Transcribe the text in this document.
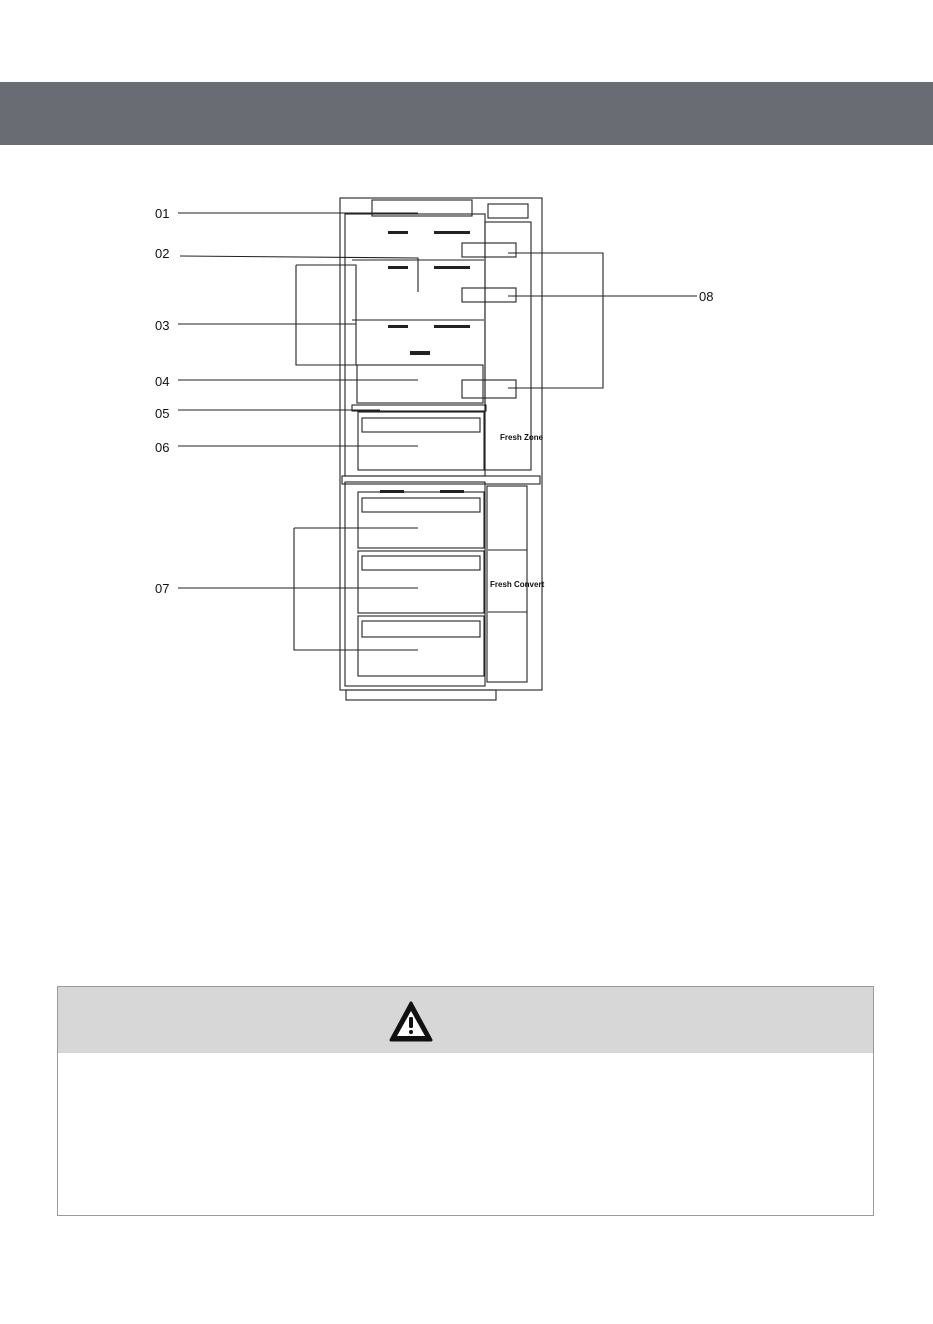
01
02
03
04
05
06
07
08
Fresh Zone
Fresh Convert
